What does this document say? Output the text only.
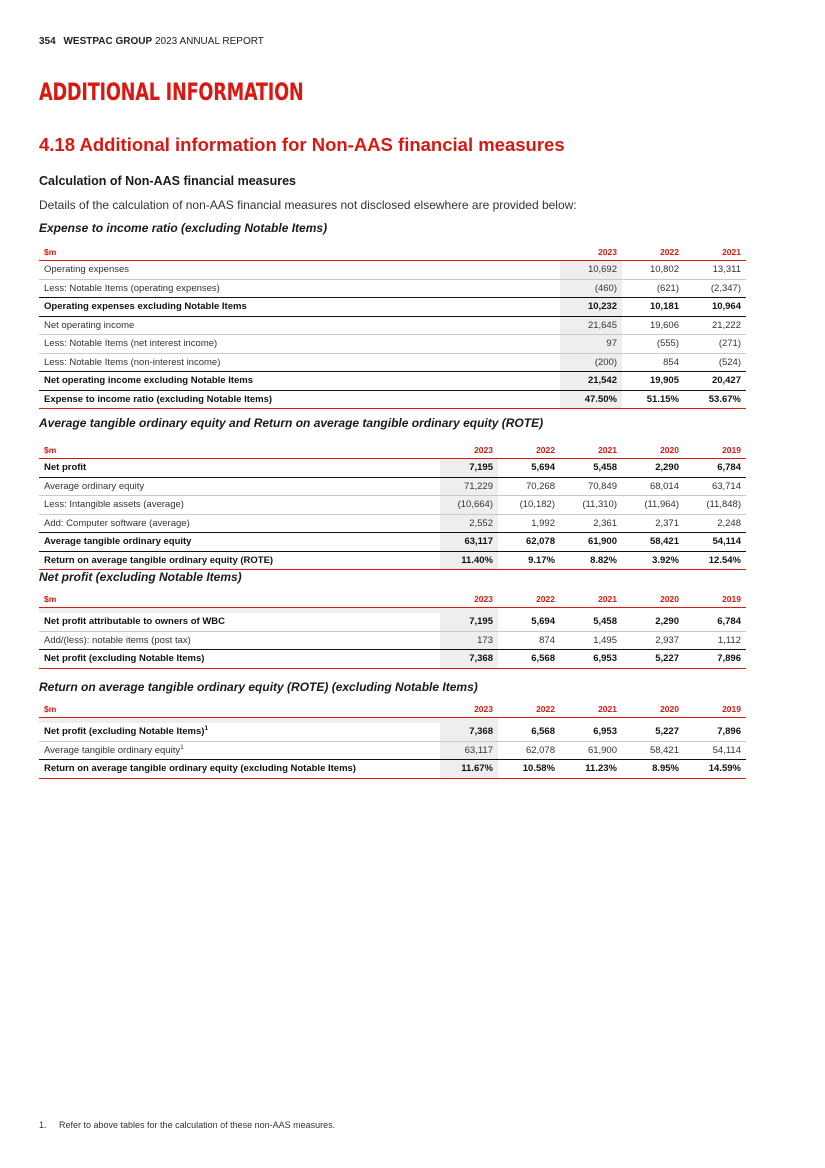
354 WESTPAC GROUP 2023 ANNUAL REPORT
ADDITIONAL INFORMATION
4.18 Additional information for Non-AAS financial measures
Calculation of Non-AAS financial measures

Details of the calculation of non-AAS financial measures not disclosed elsewhere are provided below:

Expense to income ratio (excluding Notable Items)

$m	2023	2022	2021
Operating expenses	10,692	10,802	13,311
Less: Notable Items (operating expenses)	(460)	(621)	(2,347)
Operating expenses excluding Notable Items	10,232	10,181	10,964
Net operating income	21,645	19,606	21,222
Less: Notable Items (net interest income)	97	(555)	(271)
Less: Notable Items (non-interest income)	(200)	854	(524)
Net operating income excluding Notable Items	21,542	19,905	20,427
Expense to income ratio (excluding Notable Items)	47.50%	51.15%	53.67%

Average tangible ordinary equity and Return on average tangible ordinary equity (ROTE)

$m	2023	2022	2021	2020	2019
Net profit	7,195	5,694	5,458	2,290	6,784
Average ordinary equity	71,229	70,268	70,849	68,014	63,714
Less: Intangible assets (average)	(10,664)	(10,182)	(11,310)	(11,964)	(11,848)
Add: Computer software (average)	2,552	1,992	2,361	2,371	2,248
Average tangible ordinary equity	63,117	62,078	61,900	58,421	54,114
Return on average tangible ordinary equity (ROTE)	11.40%	9.17%	8.82%	3.92%	12.54%

Net profit (excluding Notable Items)

$m	2023	2022	2021	2020	2019

Net profit attributable to owners of WBC	7,195	5,694	5,458	2,290	6,784
Add/(less): notable items (post tax)	173	874	1,495	2,937	1,112
Net profit (excluding Notable Items)	7,368	6,568	6,953	5,227	7,896

Return on average tangible ordinary equity (ROTE) (excluding Notable Items)

$m	2023	2022	2021	2020	2019

Net profit (excluding Notable Items)$^1$	7,368	6,568	6,953	5,227	7,896
Average tangible ordinary equity$^1$	63,117	62,078	61,900	58,421	54,114
Return on average tangible ordinary equity (excluding Notable Items)	11.67%	10.58%	11.23%	8.95%	14.59%
1. Refer to above tables for the calculation of these non-AAS measures.
